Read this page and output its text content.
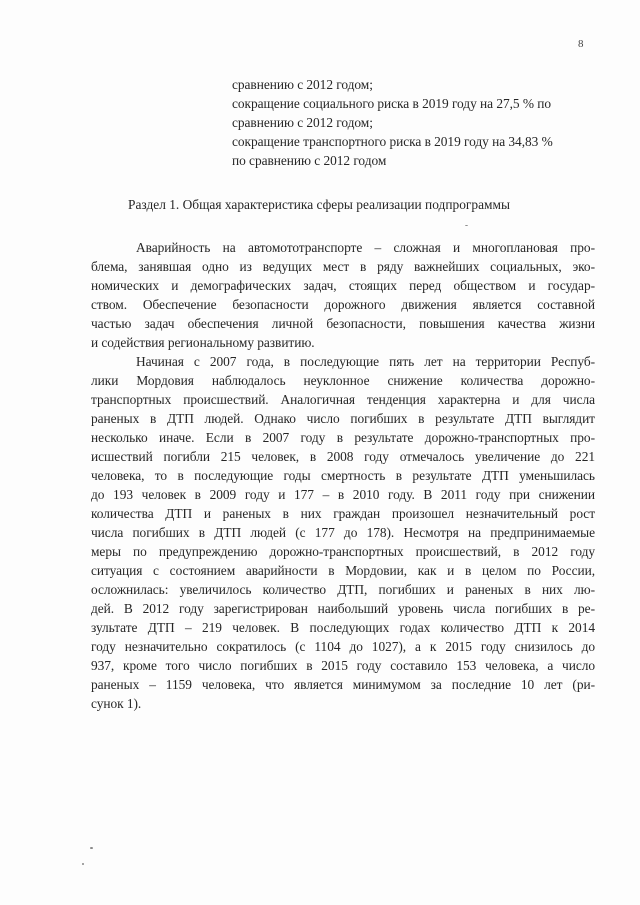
8
сравнению с 2012 годом;
сокращение социального риска в 2019 году на 27,5 % по
сравнению с 2012 годом;
сокращение транспортного риска в 2019 году на 34,83 %
по сравнению с 2012 годом
Раздел 1. Общая характеристика сферы реализации подпрограммы
Аварийность на автомототранспорте – сложная и многоплановая про-
блема, занявшая одно из ведущих мест в ряду важнейших социальных, эко-
номических и демографических задач, стоящих перед обществом и государ-
ством. Обеспечение безопасности дорожного движения является составной
частью задач обеспечения личной безопасности, повышения качества жизни
и содействия региональному развитию.
Начиная с 2007 года, в последующие пять лет на территории Респуб-
лики Мордовия наблюдалось неуклонное снижение количества дорожно-
транспортных происшествий. Аналогичная тенденция характерна и для числа
раненых в ДТП людей. Однако число погибших в результате ДТП выглядит
несколько иначе. Если в 2007 году в результате дорожно-транспортных про-
исшествий погибли 215 человек, в 2008 году отмечалось увеличение до 221
человека, то в последующие годы смертность в результате ДТП уменьшилась
до 193 человек в 2009 году и 177 – в 2010 году. В 2011 году при снижении
количества ДТП и раненых в них граждан произошел незначительный рост
числа погибших в ДТП людей (с 177 до 178). Несмотря на предпринимаемые
меры по предупреждению дорожно-транспортных происшествий, в 2012 году
ситуация с состоянием аварийности в Мордовии, как и в целом по России,
осложнилась: увеличилось количество ДТП, погибших и раненых в них лю-
дей. В 2012 году зарегистрирован наибольший уровень числа погибших в ре-
зультате ДТП – 219 человек. В последующих годах количество ДТП к 2014
году незначительно сократилось (с 1104 до 1027), а к 2015 году снизилось до
937, кроме того число погибших в 2015 году составило 153 человека, а число
раненых – 1159 человека, что является минимумом за последние 10 лет (ри-
сунок 1).
